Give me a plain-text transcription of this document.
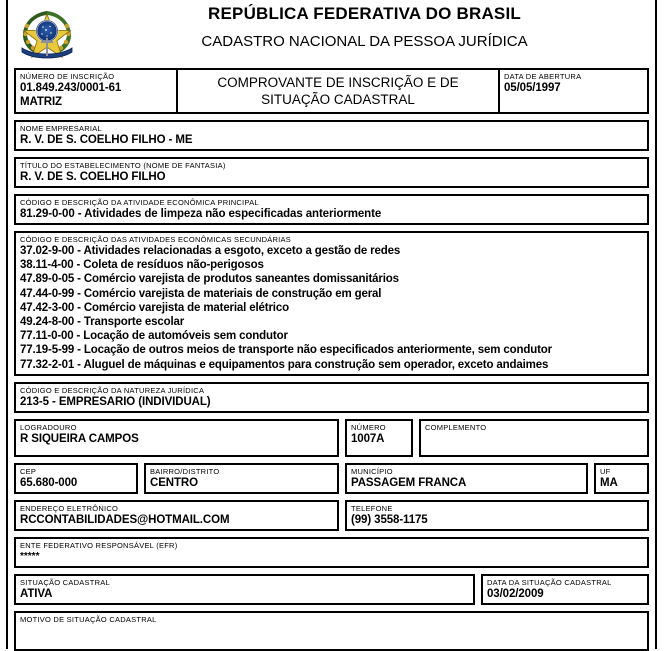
REPÚBLICA FEDERATIVA DO BRASIL
CADASTRO NACIONAL DA PESSOA JURÍDICA
NÚMERO DE INSCRIÇÃO
01.849.243/0001-61
MATRIZ
COMPROVANTE DE INSCRIÇÃO E DE SITUAÇÃO CADASTRAL
DATA DE ABERTURA
05/05/1997
NOME EMPRESARIAL
R. V. DE S. COELHO FILHO - ME
TÍTULO DO ESTABELECIMENTO (NOME DE FANTASIA)
R. V. DE S. COELHO FILHO
CÓDIGO E DESCRIÇÃO DA ATIVIDADE ECONÔMICA PRINCIPAL
81.29-0-00 - Atividades de limpeza não especificadas anteriormente
CÓDIGO E DESCRIÇÃO DAS ATIVIDADES ECONÔMICAS SECUNDÁRIAS
37.02-9-00 - Atividades relacionadas a esgoto, exceto a gestão de redes
38.11-4-00 - Coleta de resíduos não-perigosos
47.89-0-05 - Comércio varejista de produtos saneantes domissanitários
47.44-0-99 - Comércio varejista de materiais de construção em geral
47.42-3-00 - Comércio varejista de material elétrico
49.24-8-00 - Transporte escolar
77.11-0-00 - Locação de automóveis sem condutor
77.19-5-99 - Locação de outros meios de transporte não especificados anteriormente, sem condutor
77.32-2-01 - Aluguel de máquinas e equipamentos para construção sem operador, exceto andaimes
CÓDIGO E DESCRIÇÃO DA NATUREZA JURÍDICA
213-5 - EMPRESARIO (INDIVIDUAL)
LOGRADOURO
R SIQUEIRA CAMPOS
NÚMERO
1007A
COMPLEMENTO
CEP
65.680-000
BAIRRO/DISTRITO
CENTRO
MUNICÍPIO
PASSAGEM FRANCA
UF
MA
ENDEREÇO ELETRÔNICO
RCCONTABILIDADES@HOTMAIL.COM
TELEFONE
(99) 3558-1175
ENTE FEDERATIVO RESPONSÁVEL (EFR)
*****
SITUAÇÃO CADASTRAL
ATIVA
DATA DA SITUAÇÃO CADASTRAL
03/02/2009
MOTIVO DE SITUAÇÃO CADASTRAL
